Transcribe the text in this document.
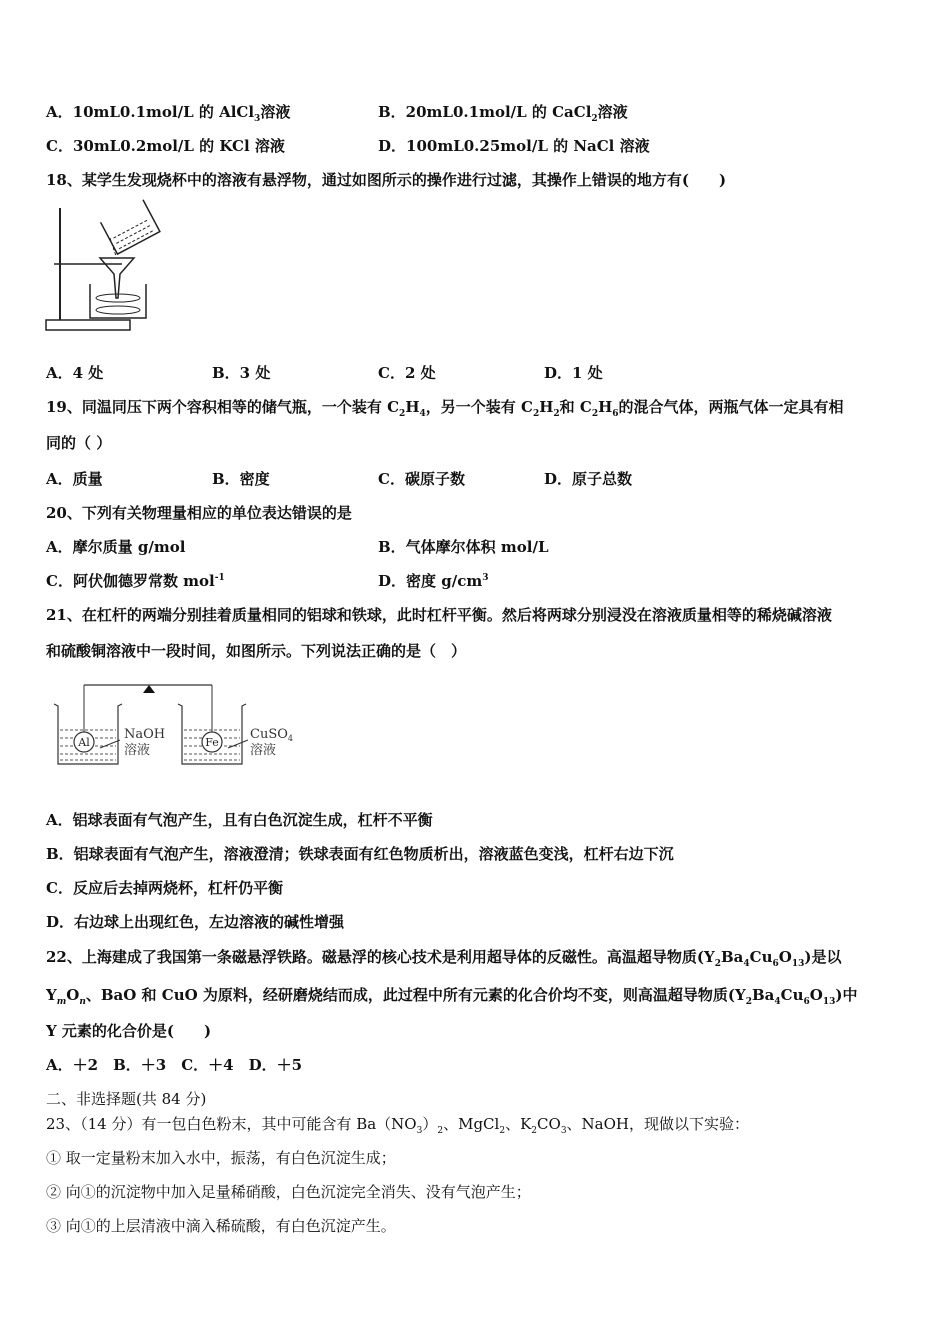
A．10mL0.1mol/L 的 AlCl$_3$溶液	B．20mL0.1mol/L 的 CaCl$_2$溶液
C．30mL0.2mol/L 的 KCl 溶液	D．100mL0.25mol/L 的 NaCl 溶液
18、某学生发现烧杯中的溶液有悬浮物，通过如图所示的操作进行过滤，其操作上错误的地方有(　　)
A．4 处	B．3 处	C．2 处	D．1 处
19、同温同压下两个容积相等的储气瓶，一个装有 $C_2H_4$，另一个装有 $C_2H_2$和 $C_2H_6$的混合气体，两瓶气体一定具有相
同的（ ）
A．质量	B．密度	C．碳原子数	D．原子总数
20、下列有关物理量相应的单位表达错误的是
A．摩尔质量 g/mol	B．气体摩尔体积 mol/L
C．阿伏伽德罗常数 mol$^{-1}$	D．密度 $g/cm^3$
21、在杠杆的两端分别挂着质量相同的铝球和铁球，此时杠杆平衡。然后将两球分别浸没在溶液质量相等的稀烧碱溶液
和硫酸铜溶液中一段时间，如图所示。下列说法正确的是（　）
Al
NaOH
溶液
Fe
CuSO$_4$
溶液
A．铝球表面有气泡产生，且有白色沉淀生成，杠杆不平衡
B．铝球表面有气泡产生，溶液澄清；铁球表面有红色物质析出，溶液蓝色变浅，杠杆右边下沉
C．反应后去掉两烧杯，杠杆仍平衡
D．右边球上出现红色，左边溶液的碱性增强
22、上海建成了我国第一条磁悬浮铁路。磁悬浮的核心技术是利用超导体的反磁性。高温超导物质$(Y_2Ba_4Cu_6O_{13})$是以
$Y_mO_n$、BaO 和 CuO 为原料，经研磨烧结而成，此过程中所有元素的化合价均不变，则高温超导物质$(Y_2Ba_4Cu_6O_{13})$中
Y 元素的化合价是(　　)
A．＋2　B．＋3　C．＋4　D．＋5
二、非选择题(共 84 分)
23、（14 分）有一包白色粉末，其中可能含有 $Ba(NO_3)_2$、MgCl$_2$、$K_2CO_3$、NaOH，现做以下实验：
① 取一定量粉末加入水中，振荡，有白色沉淀生成；
② 向①的沉淀物中加入足量稀硝酸，白色沉淀完全消失、没有气泡产生；
③ 向①的上层清液中滴入稀硫酸，有白色沉淀产生。
